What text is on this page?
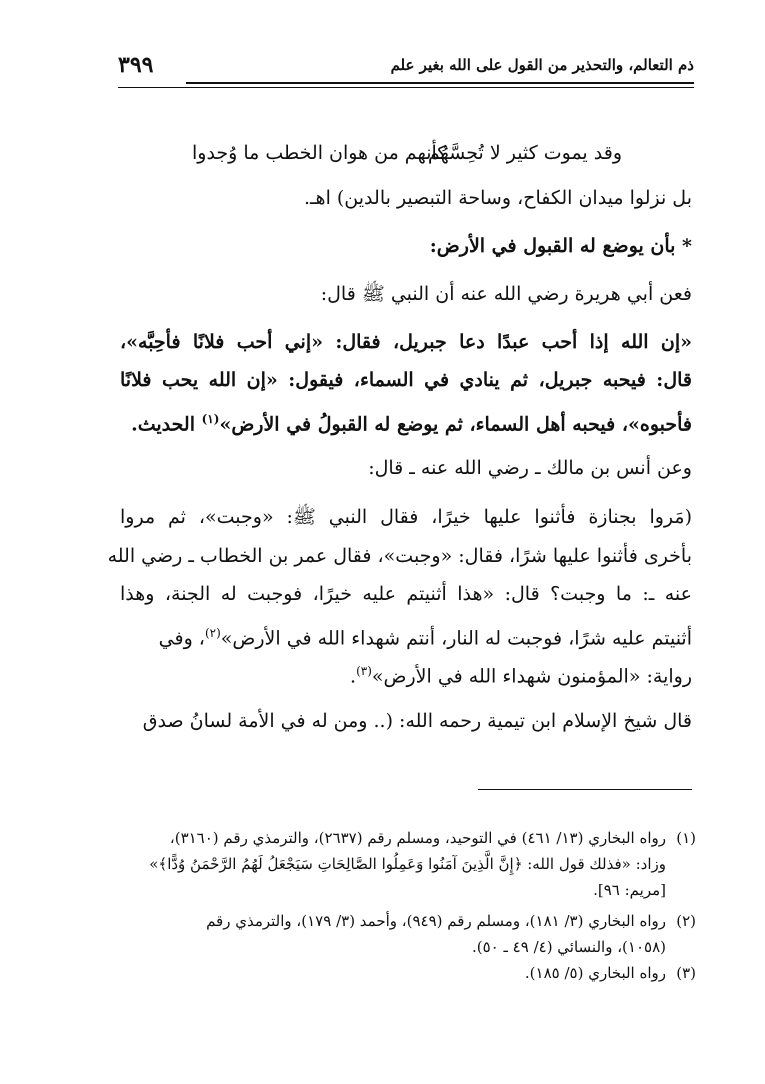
ذم التعالم، والتحذير من القول على الله بغير علم
٣٩٩
وقد يموت كثير لا تُحِسَّهُم
كأنهم من هوان الخطب ما وُجدوا
بل نزلوا ميدان الكفاح، وساحة التبصير بالدين) اهـ.
* بأن يوضع له القبول في الأرض:
فعن أبي هريرة رضي الله عنه أن النبي ﷺ قال:
«إن الله إذا أحب عبدًا دعا جبريل، فقال: «إني أحب فلانًا فأحِبَّه»،
قال: فيحبه جبريل، ثم ينادي في السماء، فيقول: «إن الله يحب فلانًا
فأحبوه»، فيحبه أهل السماء، ثم يوضع له القبولُ في الأرض»$^{(١)}$ الحديث.
وعن أنس بن مالك ـ رضي الله عنه ـ قال:
(مَروا بجنازة فأثنوا عليها خيرًا، فقال النبي ﷺ: «وجبت»، ثم مروا
بأخرى فأثنوا عليها شرًا، فقال: «وجبت»، فقال عمر بن الخطاب ـ رضي الله
عنه ـ: ما وجبت؟ قال: «هذا أثنيتم عليه خيرًا، فوجبت له الجنة، وهذا
أثنيتم عليه شرًا، فوجبت له النار، أنتم شهداء الله في الأرض»$^{(٢)}$، وفي
رواية: «المؤمنون شهداء الله في الأرض»$^{(٣)}$.
قال شيخ الإسلام ابن تيمية رحمه الله: (.. ومن له في الأمة لسانُ صدق
(١)رواه البخاري (١٣/ ٤٦١) في التوحيد، ومسلم رقم (٢٦٣٧)، والترمذي رقم (٣١٦٠)،
وزاد: «فذلك قول الله: ﴿إِنَّ الَّذِينَ آمَنُوا وَعَمِلُوا الصَّالِحَاتِ سَيَجْعَلُ لَهُمُ الرَّحْمَنُ وُدًّا﴾»
[مريم: ٩٦].
(٢)رواه البخاري (٣/ ١٨١)، ومسلم رقم (٩٤٩)، وأحمد (٣/ ١٧٩)، والترمذي رقم
(١٠٥٨)، والنسائي (٤/ ٤٩ ـ ٥٠).
(٣)رواه البخاري (٥/ ١٨٥).
